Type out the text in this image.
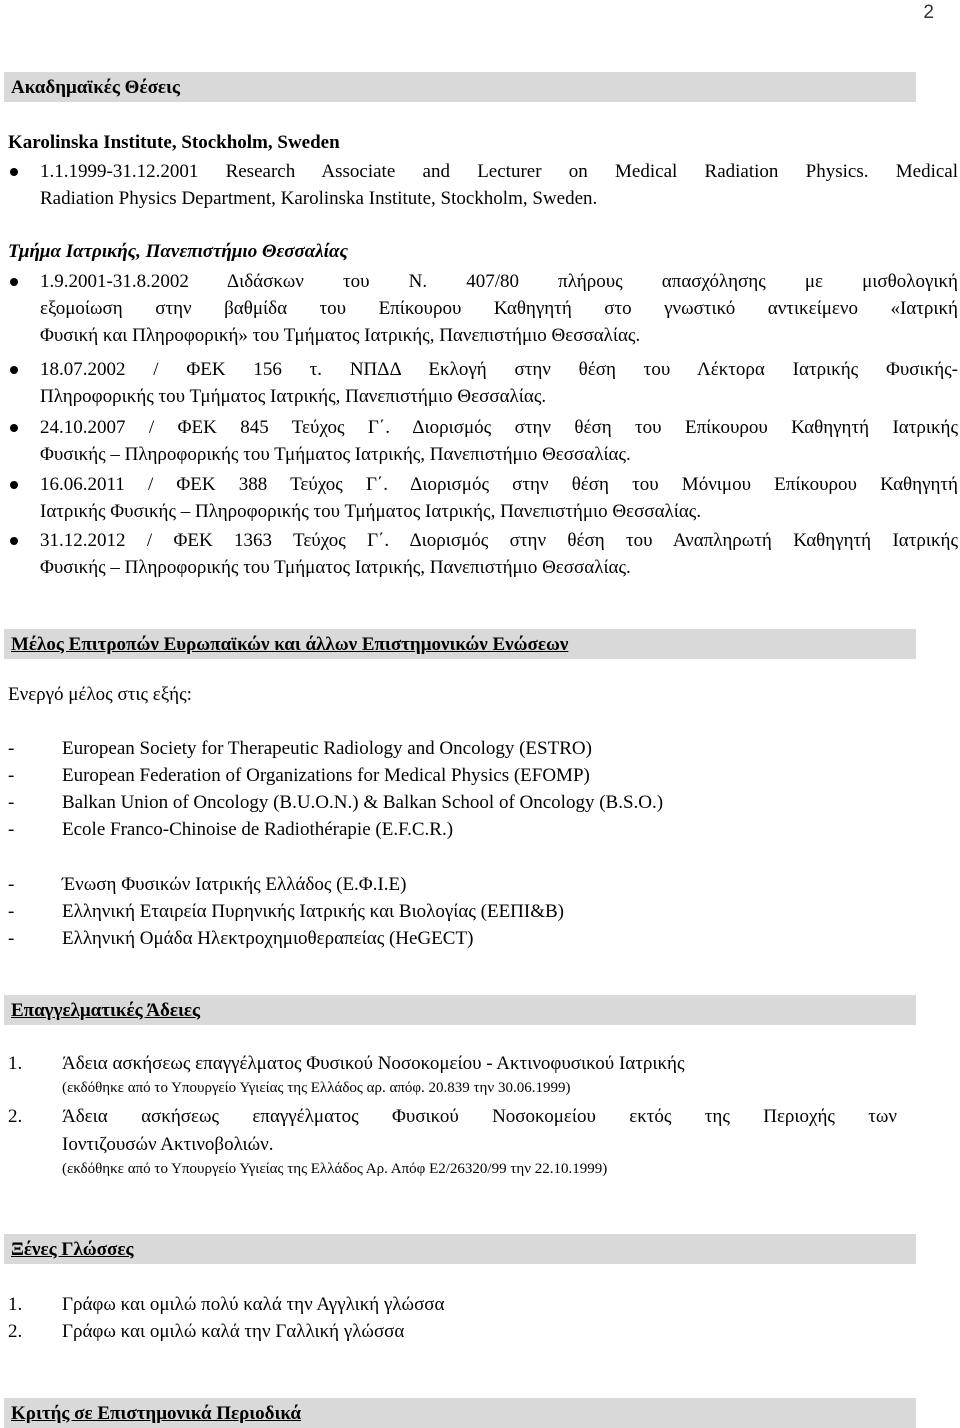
2
Ακαδημαϊκές Θέσεις
Karolinska Institute, Stockholm, Sweden
1.1.1999-31.12.2001 Research Associate and Lecturer on Medical Radiation Physics. Medical
Radiation Physics Department, Karolinska Institute, Stockholm, Sweden.
Τμήμα Ιατρικής, Πανεπιστήμιο Θεσσαλίας
1.9.2001-31.8.2002 Διδάσκων του Ν. 407/80 πλήρους απασχόλησης με μισθολογική
εξομοίωση στην βαθμίδα του Επίκουρου Καθηγητή στο γνωστικό αντικείμενο «Ιατρική
Φυσική και Πληροφορική» του Τμήματος Ιατρικής, Πανεπιστήμιο Θεσσαλίας.
18.07.2002 / ΦΕΚ 156 τ. ΝΠΔΔ Εκλογή στην θέση του Λέκτορα Ιατρικής Φυσικής-
Πληροφορικής του Τμήματος Ιατρικής, Πανεπιστήμιο Θεσσαλίας.
24.10.2007 / ΦΕΚ 845 Τεύχος Γ΄. Διορισμός στην θέση του Επίκουρου Καθηγητή Ιατρικής
Φυσικής – Πληροφορικής του Τμήματος Ιατρικής, Πανεπιστήμιο Θεσσαλίας.
16.06.2011 / ΦΕΚ 388 Τεύχος Γ΄. Διορισμός στην θέση του Μόνιμου Επίκουρου Καθηγητή
Ιατρικής Φυσικής – Πληροφορικής του Τμήματος Ιατρικής, Πανεπιστήμιο Θεσσαλίας.
31.12.2012 / ΦΕΚ 1363 Τεύχος Γ΄. Διορισμός στην θέση του Αναπληρωτή Καθηγητή Ιατρικής
Φυσικής – Πληροφορικής του Τμήματος Ιατρικής, Πανεπιστήμιο Θεσσαλίας.
Μέλος Επιτροπών Ευρωπαϊκών και άλλων Επιστημονικών Ενώσεων
Ενεργό μέλος στις εξής:
-	European Society for Therapeutic Radiology and Oncology (ESTRO)
-	European Federation of Organizations for Medical Physics (EFOMP)
-	Balkan Union of Oncology (B.U.O.N.) & Balkan School of Oncology (B.S.O.)
-	Ecole Franco-Chinoise de Radiothérapie (E.F.C.R.)
-	Ένωση Φυσικών Ιατρικής Ελλάδος (Ε.Φ.Ι.Ε)
-	Ελληνική Εταιρεία Πυρηνικής Ιατρικής και Βιολογίας (ΕΕΠΙ&Β)
-	Ελληνική Ομάδα Ηλεκτροχημιοθεραπείας (HeGECT)
Επαγγελματικές Άδειες
1. Άδεια ασκήσεως επαγγέλματος Φυσικού Νοσοκομείου - Ακτινοφυσικού Ιατρικής
(εκδόθηκε από το Υπουργείο Υγιείας της Ελλάδος αρ. απόφ. 20.839 την 30.06.1999)
2. Άδεια ασκήσεως επαγγέλματος Φυσικού Νοσοκομείου εκτός της Περιοχής των
Ιοντιζουσών Ακτινοβολιών.
(εκδόθηκε από το Υπουργείο Υγιείας της Ελλάδος Αρ. Απόφ Ε2/26320/99 την 22.10.1999)
Ξένες Γλώσσες
1. Γράφω και ομιλώ πολύ καλά την Αγγλική γλώσσα
2. Γράφω και ομιλώ καλά την Γαλλική γλώσσα
Κριτής σε Επιστημονικά Περιοδικά
